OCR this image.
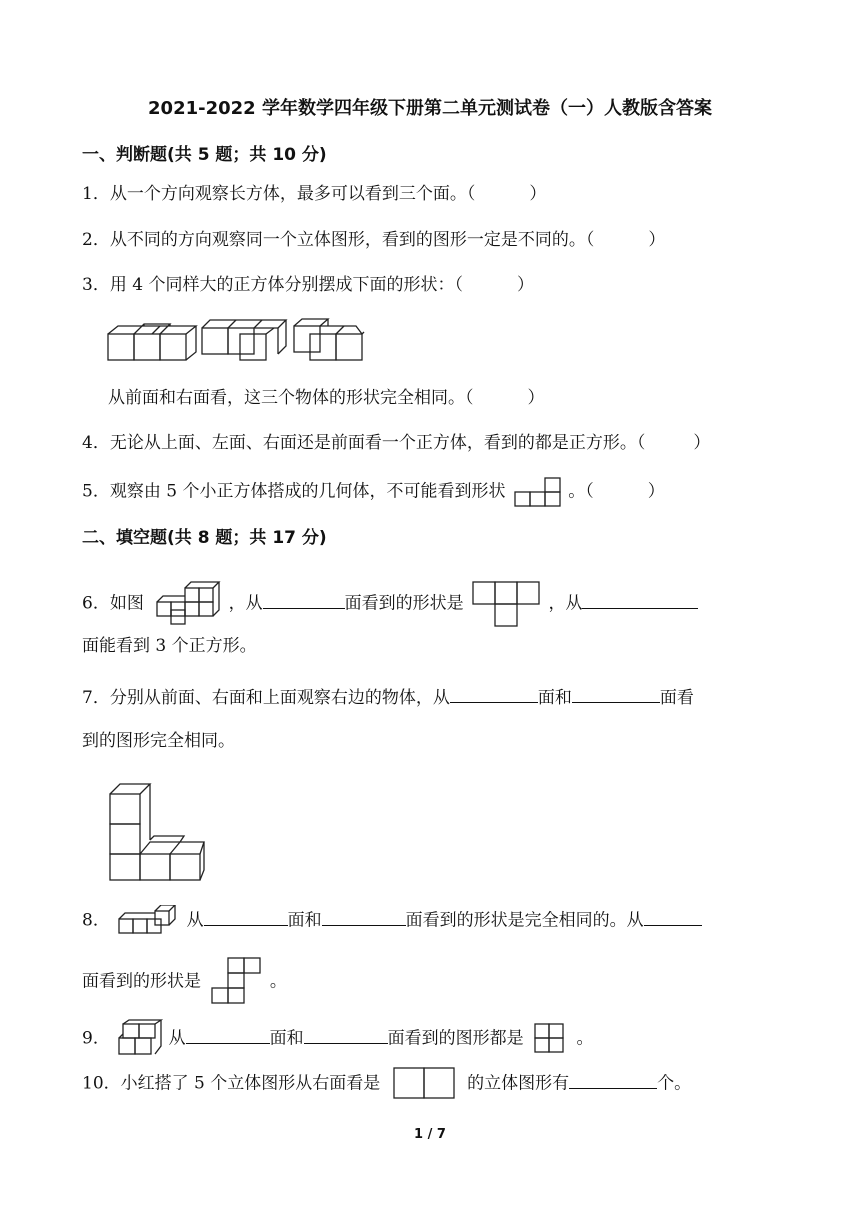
2021-2022 学年数学四年级下册第二单元测试卷（一）人教版含答案
一、判断题(共 5 题；共 10 分)
1．从一个方向观察长方体，最多可以看到三个面。（	）
2．从不同的方向观察同一个立体图形，看到的图形一定是不同的。（	）
3．用 4 个同样大的正方体分别摆成下面的形状：（	）
从前面和右面看，这三个物体的形状完全相同。（	）
4．无论从上面、左面、右面还是前面看一个正方体，看到的都是正方形。（	）
5．观察由 5 个小正方体搭成的几何体，不可能看到形状	。（	）
二、填空题(共 8 题；共 17 分)
6．如图	，从	面看到的形状是	，从
面能看到 3 个正方形。
7．分别从前面、右面和上面观察右边的物体，从	面和	面看
到的图形完全相同。
8．	从	面和	面看到的形状是完全相同的。从
面看到的形状是	。
9．	从	面和	面看到的图形都是	。
10．小红搭了 5 个立体图形从右面看是	的立体图形有	个。
1 / 7
